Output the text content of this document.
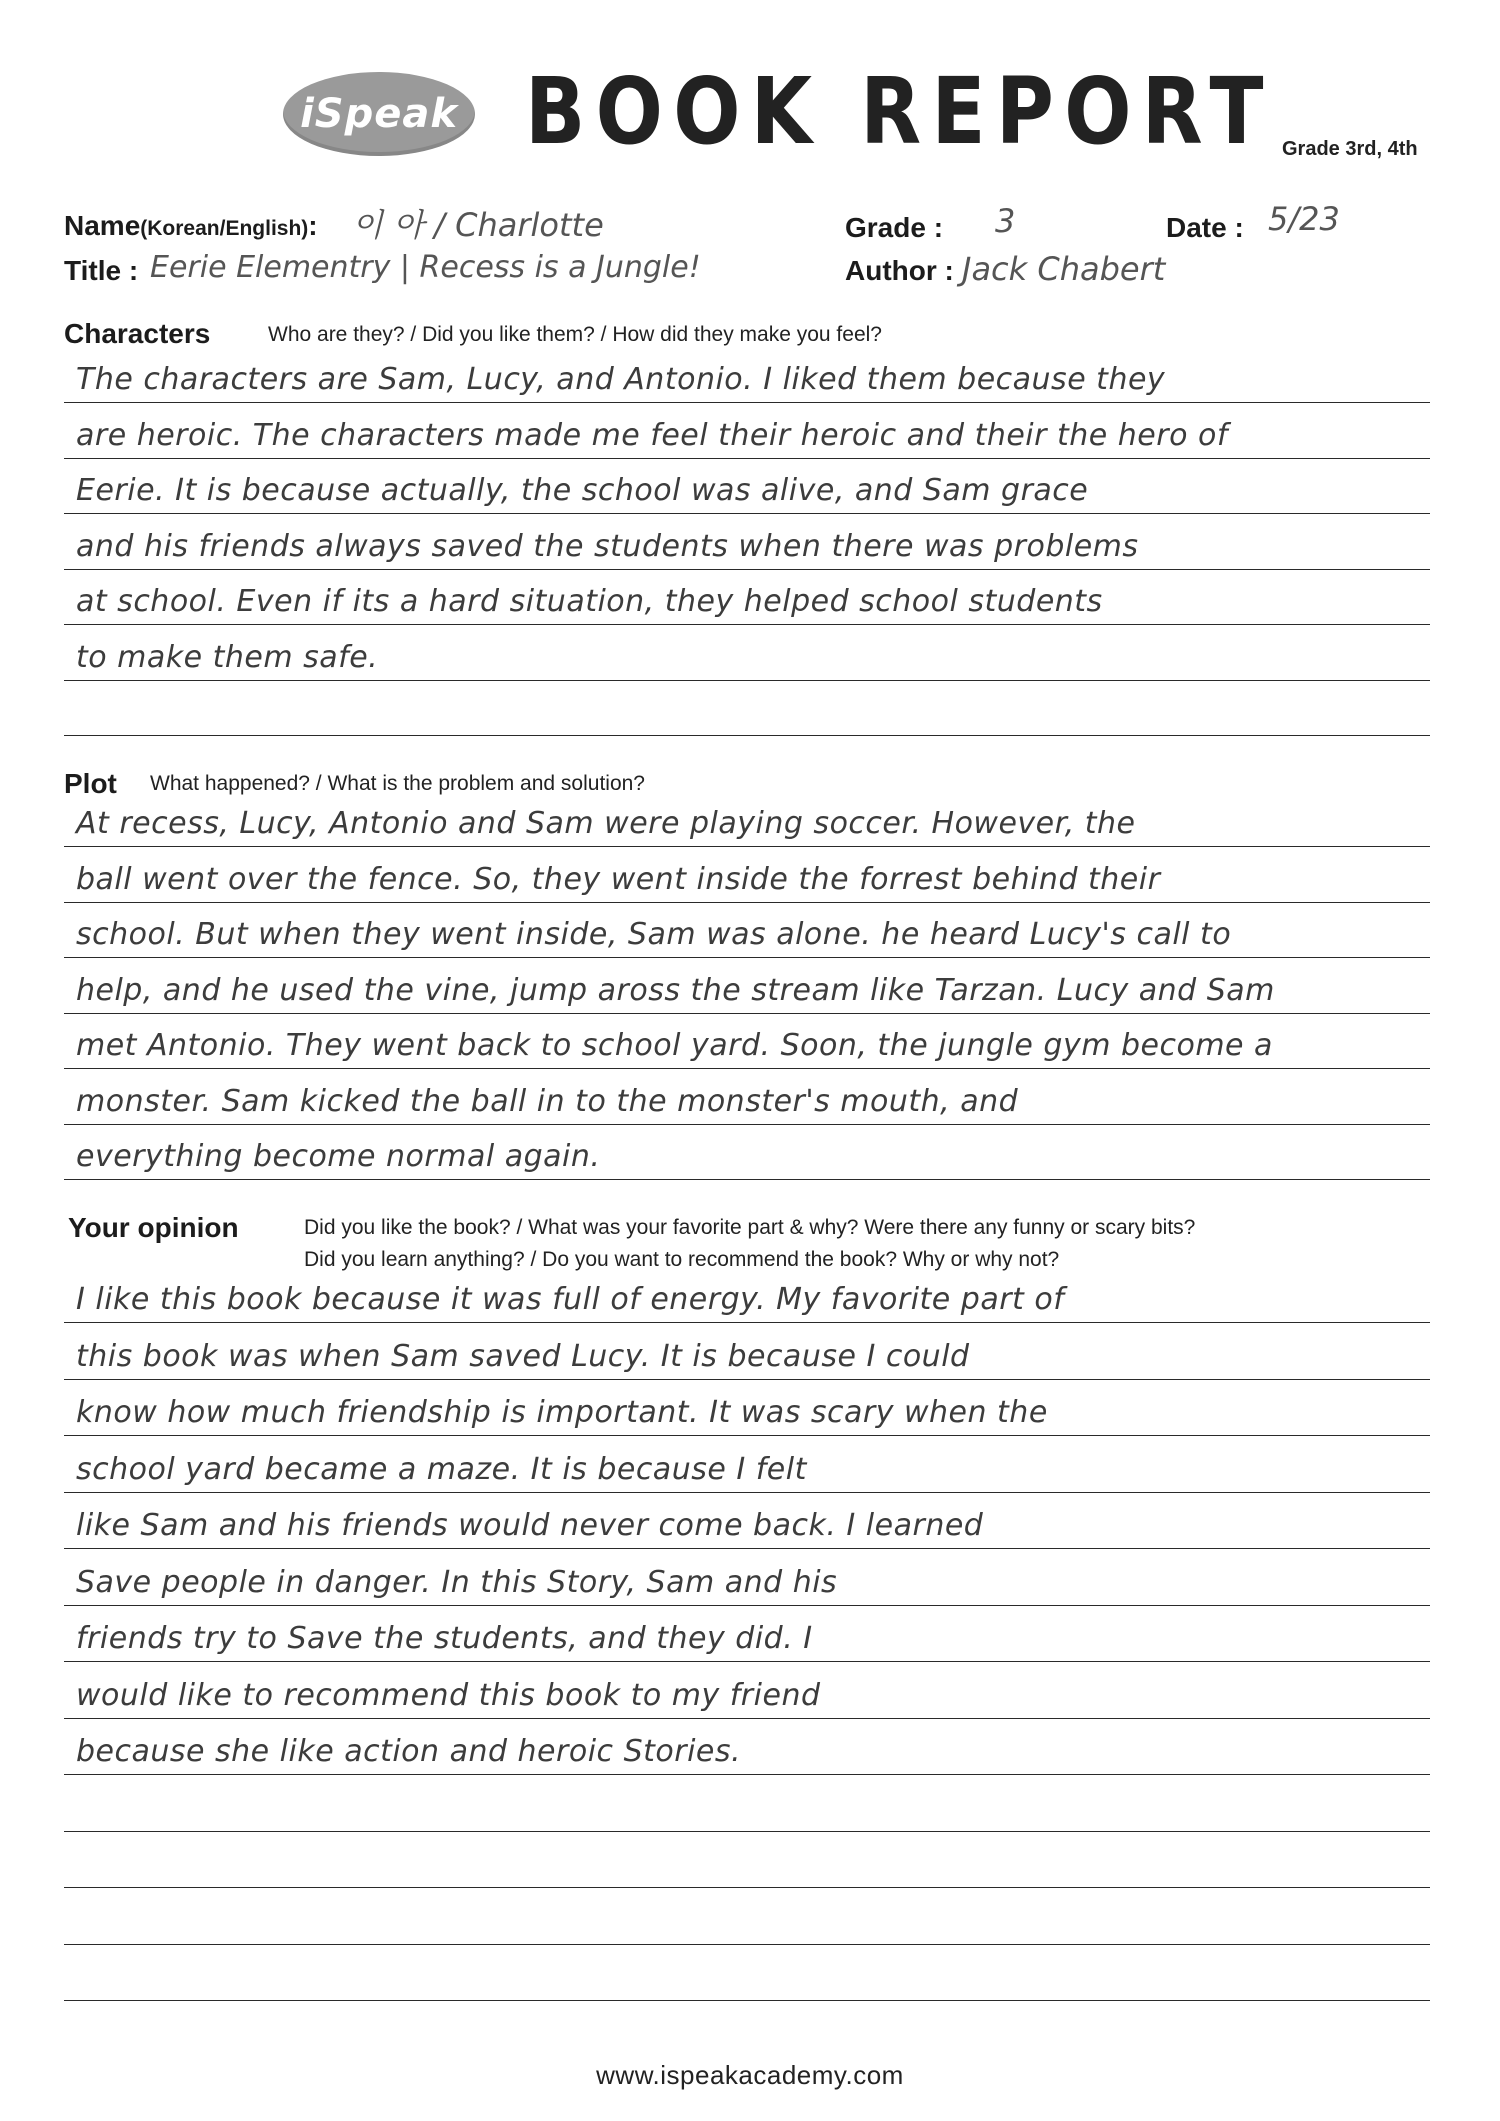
iSpeak BOOK REPORT Grade 3rd, 4th
Name(Korean/English): 이 아 / Charlotte
Title : Eerie Elementry | Recess is a Jungle!
Grade : 3
Author : Jack Chabert
Date : 5/23
Characters	Who are they? / Did you like them? / How did they make you feel?
The characters are Sam, Lucy, and Antonio. I liked them because they
are heroic. The characters made me feel their heroic and their the hero of
Eerie. It is because actually, the school was alive, and Sam grace
and his friends always saved the students when there was problems
at school. Even if its a hard situation, they helped school students
to make them safe.
Plot What happened? / What is the problem and solution?
At recess, Lucy, Antonio and Sam were playing soccer. However, the
ball went over the fence. So, they went inside the forrest behind their
school. But when they went inside, Sam was alone. he heard Lucy's call to
help, and he used the vine, jump aross the stream like Tarzan. Lucy and Sam
met Antonio. They went back to school yard. Soon, the jungle gym become a
monster. Sam kicked the ball in to the monster's mouth, and
everything become normal again.
Your opinion	Did you like the book? / What was your favorite part & why? Were there any funny or scary bits?
Did you learn anything? / Do you want to recommend the book? Why or why not?
I like this book because it was full of energy. My favorite part of
this book was when Sam saved Lucy. It is because I could
know how much friendship is important. It was scary when the
school yard became a maze. It is because I felt
like Sam and his friends would never come back. I learned
Save people in danger. In this Story, Sam and his
friends try to Save the students, and they did. I
would like to recommend this book to my friend
because she like action and heroic Stories.
www.ispeakacademy.com
